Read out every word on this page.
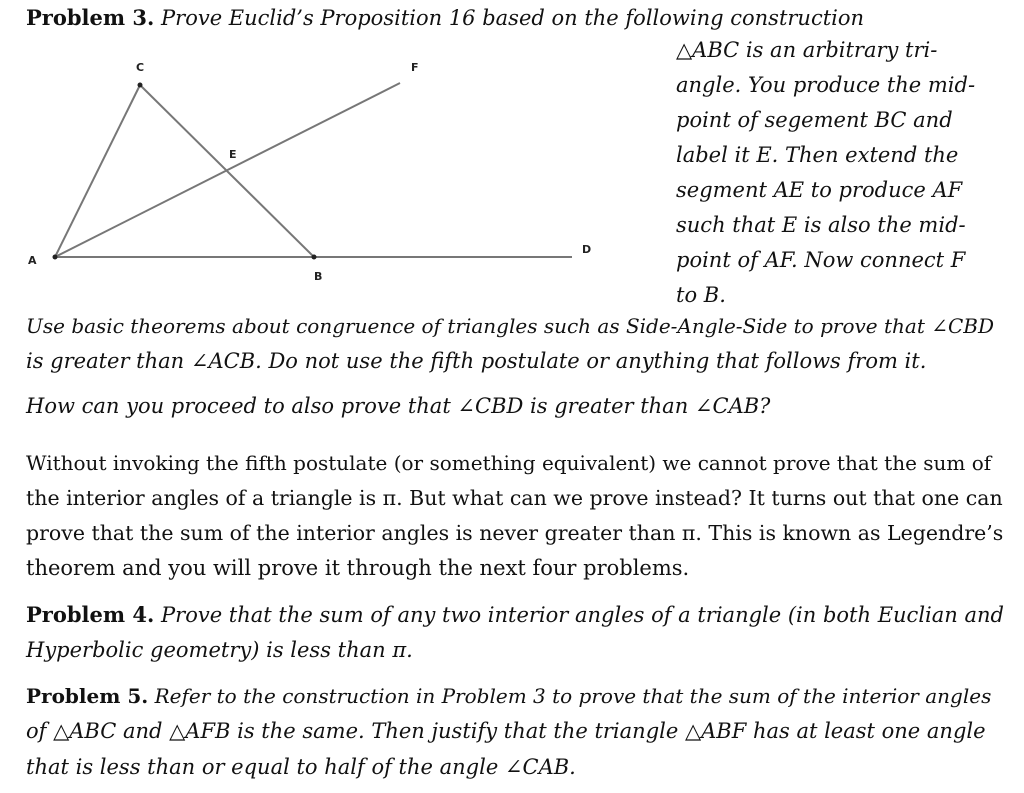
Problem 3. Prove Euclid’s Proposition 16 based on the following construction
C	F
E
A
D
B
△ABC is an arbitrary tri-
angle. You produce the mid-
point of segement BC and
label it E. Then extend the
segment AE to produce AF
such that E is also the mid-
point of AF. Now connect F
to B.
Use basic theorems about congruence of triangles such as Side-Angle-Side to prove that ∠CBD
is greater than ∠ACB. Do not use the fifth postulate or anything that follows from it.
How can you proceed to also prove that ∠CBD is greater than ∠CAB?
Without invoking the fifth postulate (or something equivalent) we cannot prove that the sum of
the interior angles of a triangle is π. But what can we prove instead? It turns out that one can
prove that the sum of the interior angles is never greater than π. This is known as Legendre’s
theorem and you will prove it through the next four problems.
Problem 4. Prove that the sum of any two interior angles of a triangle (in both Euclian and
Hyperbolic geometry) is less than π.
Problem 5. Refer to the construction in Problem 3 to prove that the sum of the interior angles
of △ABC and △AFB is the same. Then justify that the triangle △ABF has at least one angle
that is less than or equal to half of the angle ∠CAB.
